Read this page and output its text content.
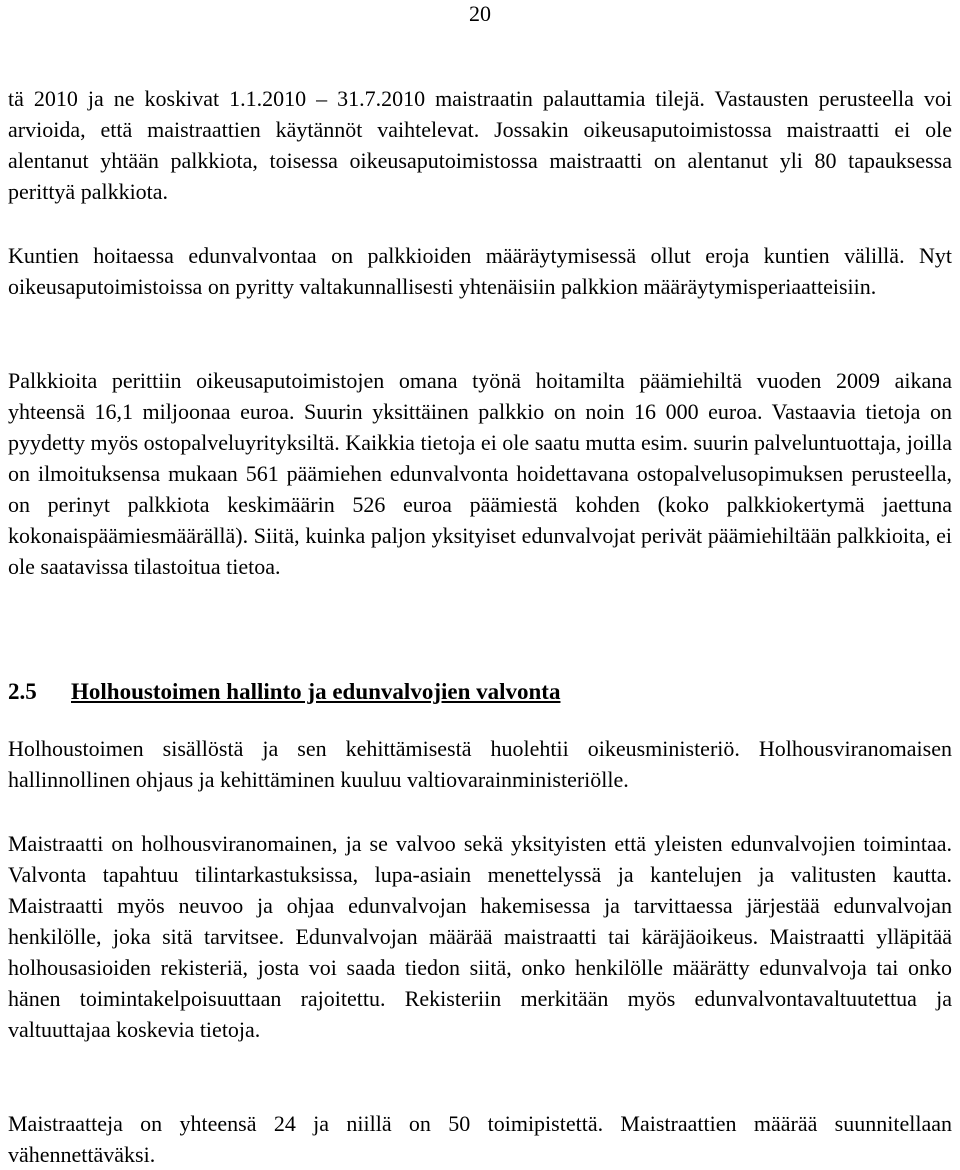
20

tä 2010 ja ne koskivat 1.1.2010 – 31.7.2010 maistraatin palauttamia tilejä. Vastausten perusteella voi arvioida, että maistraattien käytännöt vaihtelevat. Jossakin oikeusaputoimistossa maistraatti ei ole alentanut yhtään palkkiota, toisessa oikeusaputoimistossa maistraatti on alentanut yli 80 tapauksessa perittyä palkkiota.

Kuntien hoitaessa edunvalvontaa on palkkioiden määräytymisessä ollut eroja kuntien välillä. Nyt oikeusaputoimistoissa on pyritty valtakunnallisesti yhtenäisiin palkkion määräytymisperiaatteisiin.

Palkkioita perittiin oikeusaputoimistojen omana työnä hoitamilta päämiehiltä vuoden 2009 aikana yhteensä 16,1 miljoonaa euroa. Suurin yksittäinen palkkio on noin 16 000 euroa. Vastaavia tietoja on pyydetty myös ostopalveluyrityksiltä. Kaikkia tietoja ei ole saatu mutta esim. suurin palveluntuottaja, joilla on ilmoituksensa mukaan 561 päämiehen edunvalvonta hoidettavana ostopalvelusopimuksen perusteella, on perinyt palkkiota keskimäärin 526 euroa päämiestä kohden (koko palkkiokertymä jaettuna kokonaispäämiesmäärällä). Siitä, kuinka paljon yksityiset edunvalvojat perivät päämiehiltään palkkioita, ei ole saatavissa tilastoitua tietoa.

2.5 Holhoustoimen hallinto ja edunvalvojien valvonta

Holhoustoimen sisällöstä ja sen kehittämisestä huolehtii oikeusministeriö. Holhousviranomaisen hallinnollinen ohjaus ja kehittäminen kuuluu valtiovarainministeriölle.

Maistraatti on holhousviranomainen, ja se valvoo sekä yksityisten että yleisten edunvalvojien toimintaa. Valvonta tapahtuu tilintarkastuksissa, lupa-asiain menettelyssä ja kantelujen ja valitusten kautta. Maistraatti myös neuvoo ja ohjaa edunvalvojan hakemisessa ja tarvittaessa järjestää edunvalvojan henkilölle, joka sitä tarvitsee. Edunvalvojan määrää maistraatti tai käräjäoikeus. Maistraatti ylläpitää holhousasioiden rekisteriä, josta voi saada tiedon siitä, onko henkilölle määrätty edunvalvoja tai onko hänen toimintakelpoisuuttaan rajoitettu. Rekisteriin merkitään myös edunvalvontavaltuutettua ja valtuuttajaa koskevia tietoja.

Maistraatteja on yhteensä 24 ja niillä on 50 toimipistettä. Maistraattien määrää suunnitellaan vähennettäväksi.
